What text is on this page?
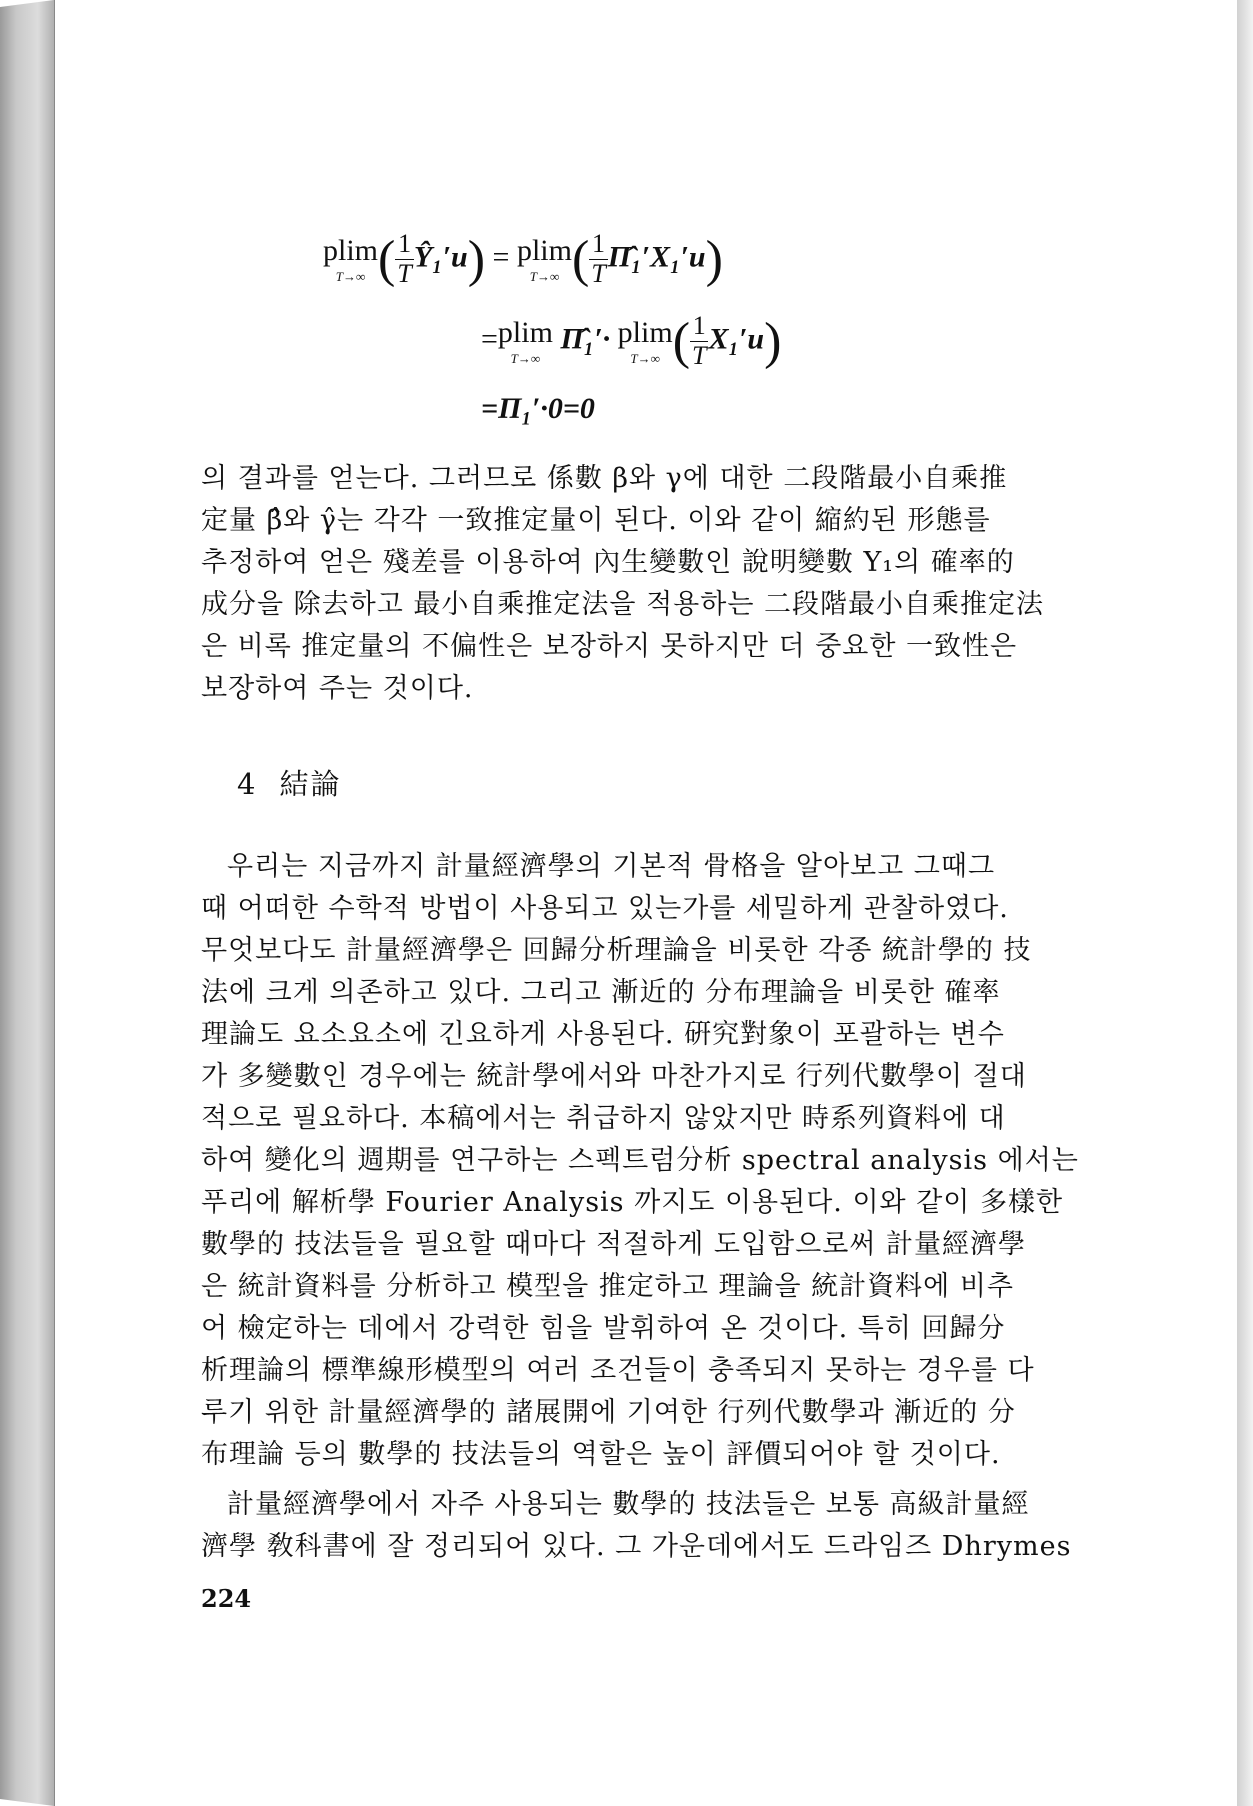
plim
T→∞ ( $\frac{1}{T}$ Ŷ₁′u) = plim
T→∞ ( $\frac{1}{T}$ Π̂₁′X₁′u)
=plim
T→∞
Π̂₁′· plim
T→∞ ( $\frac{1}{T} X_1'u$)
=Π₁′·0=0
의 결과를 얻는다. 그러므로 係數 β와 γ에 대한 二段階最小自乘推
定量 β̂와 γ̂는 각각 一致推定量이 된다. 이와 같이 縮約된 形態를
추정하여 얻은 殘差를 이용하여 內生變數인 說明變數 Y₁의 確率的
成分을 除去하고 最小自乘推定法을 적용하는 二段階最小自乘推定法
은 비록 推定量의 不偏性은 보장하지 못하지만 더 중요한 一致性은
보장하여 주는 것이다.
4 結論
우리는 지금까지 計量經濟學의 기본적 骨格을 알아보고 그때그
때 어떠한 수학적 방법이 사용되고 있는가를 세밀하게 관찰하였다.
무엇보다도 計量經濟學은 回歸分析理論을 비롯한 각종 統計學的 技
法에 크게 의존하고 있다. 그리고 漸近的 分布理論을 비롯한 確率
理論도 요소요소에 긴요하게 사용된다. 硏究對象이 포괄하는 변수
가 多變數인 경우에는 統計學에서와 마찬가지로 行列代數學이 절대
적으로 필요하다. 本稿에서는 취급하지 않았지만 時系列資料에 대
하여 變化의 週期를 연구하는 스펙트럼分析 spectral analysis 에서는
푸리에 解析學 Fourier Analysis 까지도 이용된다. 이와 같이 多樣한
數學的 技法들을 필요할 때마다 적절하게 도입함으로써 計量經濟學
은 統計資料를 分析하고 模型을 推定하고 理論을 統計資料에 비추
어 檢定하는 데에서 강력한 힘을 발휘하여 온 것이다. 특히 回歸分
析理論의 標準線形模型의 여러 조건들이 충족되지 못하는 경우를 다
루기 위한 計量經濟學的 諸展開에 기여한 行列代數學과 漸近的 分
布理論 등의 數學的 技法들의 역할은 높이 評價되어야 할 것이다.
計量經濟學에서 자주 사용되는 數學的 技法들은 보통 高級計量經
濟學 敎科書에 잘 정리되어 있다. 그 가운데에서도 드라임즈 Dhrymes
224
